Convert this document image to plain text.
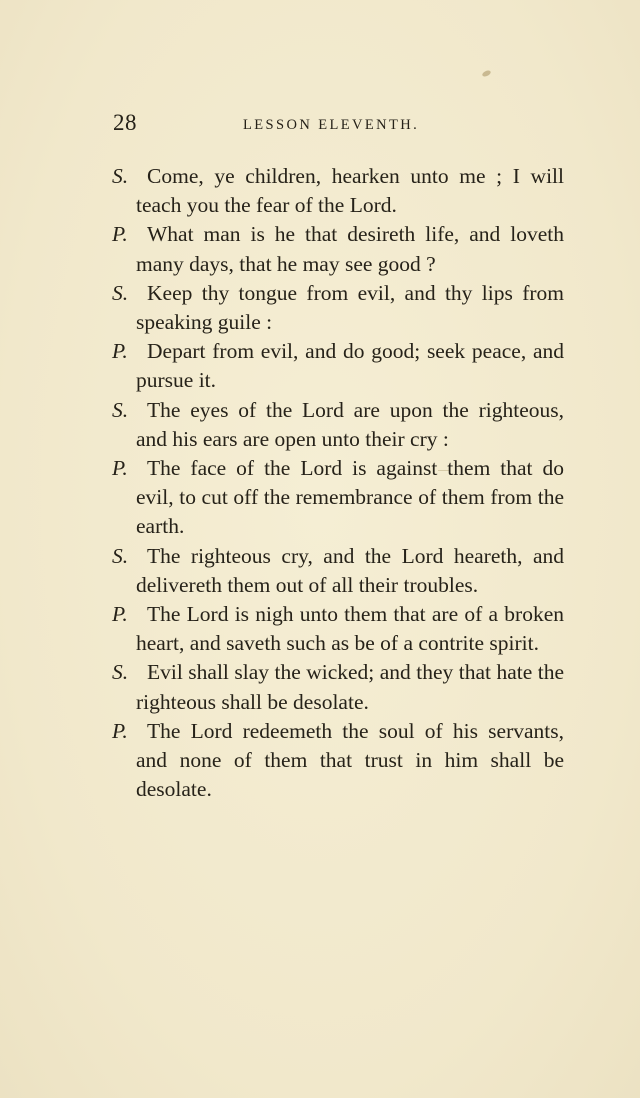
28	LESSON ELEVENTH.

S. Come, ye children, hearken unto me ; I will teach you the fear of the Lord.

P. What man is he that desireth life, and loveth many days, that he may see good ?

S. Keep thy tongue from evil, and thy lips from speaking guile :

P. Depart from evil, and do good; seek peace, and pursue it.

S. The eyes of the Lord are upon the righteous, and his ears are open unto their cry :

P. The face of the Lord is against them that do evil, to cut off the remembrance of them from the earth.

S. The righteous cry, and the Lord heareth, and delivereth them out of all their troubles.

P. The Lord is nigh unto them that are of a broken heart, and saveth such as be of a contrite spirit.

S. Evil shall slay the wicked; and they that hate the righteous shall be desolate.

P. The Lord redeemeth the soul of his servants, and none of them that trust in him shall be desolate.
